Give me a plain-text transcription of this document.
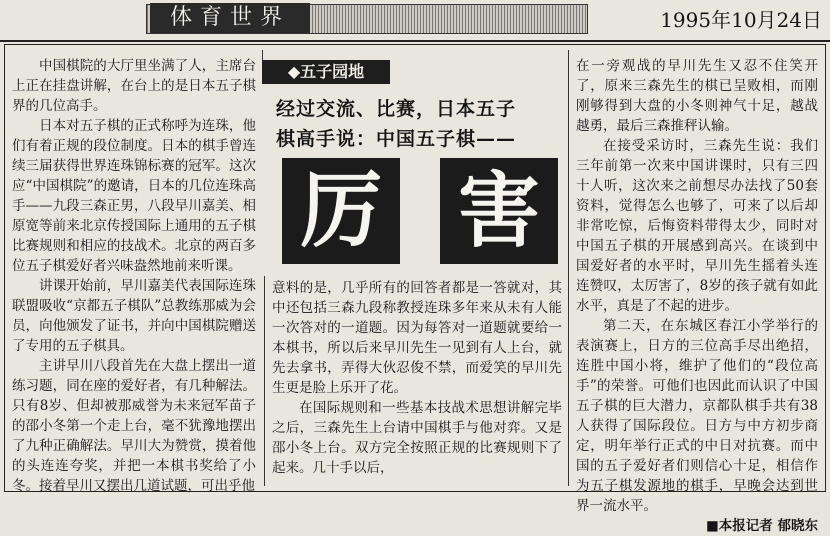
体育世界	1995年10月24日
◆五子园地
经过交流、比赛，日本五子
棋高手说：中国五子棋——
厉 害

中国棋院的大厅里坐满了人，主席台上正在挂盘讲解，在台上的是日本五子棋界的几位高手。

日本对五子棋的正式称呼为连珠，他们有着正规的段位制度。日本的棋手曾连续三届获得世界连珠锦标赛的冠军。这次应“中国棋院”的邀请，日本的几位连珠高手——九段三森正男，八段早川嘉美、相原宽等前来北京传授国际上通用的五子棋比赛规则和相应的技战术。北京的两百多位五子棋爱好者兴味盎然地前来听课。

讲课开始前，早川嘉美代表国际连珠联盟吸收“京都五子棋队”总教练那威为会员，向他颁发了证书，并向中国棋院赠送了专用的五子棋具。

主讲早川八段首先在大盘上摆出一道练习题，同在座的爱好者，有几种解法。只有8岁、但却被那威誉为未来冠军苗子的邵小冬第一个走上台，毫不犹豫地摆出了九种正确解法。早川大为赞赏，摸着他的头连连夸奖，并把一本棋书奖给了小冬。接着早川又摆出几道试题，可出乎他

意料的是，几乎所有的回答者都是一答就对，其中还包括三森九段称教授连珠多年来从未有人能一次答对的一道题。因为每答对一道题就要给一本棋书，所以后来早川先生一见到有人上台，就先去拿书，弄得大伙忍俊不禁，而爱笑的早川先生更是脸上乐开了花。

在国际规则和一些基本技战术思想讲解完毕之后，三森先生上台请中国棋手与他对弈。又是邵小冬上台。双方完全按照正规的比赛规则下了起来。几十手以后，

在一旁观战的早川先生又忍不住笑开了，原来三森先生的棋已呈败相，而刚刚够得到大盘的小冬则神气十足，越战越勇，最后三森推秤认输。

在接受采访时，三森先生说：我们三年前第一次来中国讲课时，只有三四十人听，这次来之前想尽办法找了50套资料，觉得怎么也够了，可来了以后却非常吃惊，后悔资料带得太少，同时对中国五子棋的开展感到高兴。在谈到中国爱好者的水平时，早川先生摇着头连连赞叹，太厉害了，8岁的孩子就有如此水平，真是了不起的进步。

第二天，在东城区春江小学举行的表演赛上，日方的三位高手尽出绝招，连胜中国小将，维护了他们的“段位高手”的荣誉。可他们也因此而认识了中国五子棋的巨大潜力，京都队棋手共有38人获得了国际段位。日方与中方初步商定，明年举行正式的中日对抗赛。而中国的五子爱好者们则信心十足，相信作为五子棋发源地的棋手，早晚会达到世界一流水平。

■本报记者 郁晓东
